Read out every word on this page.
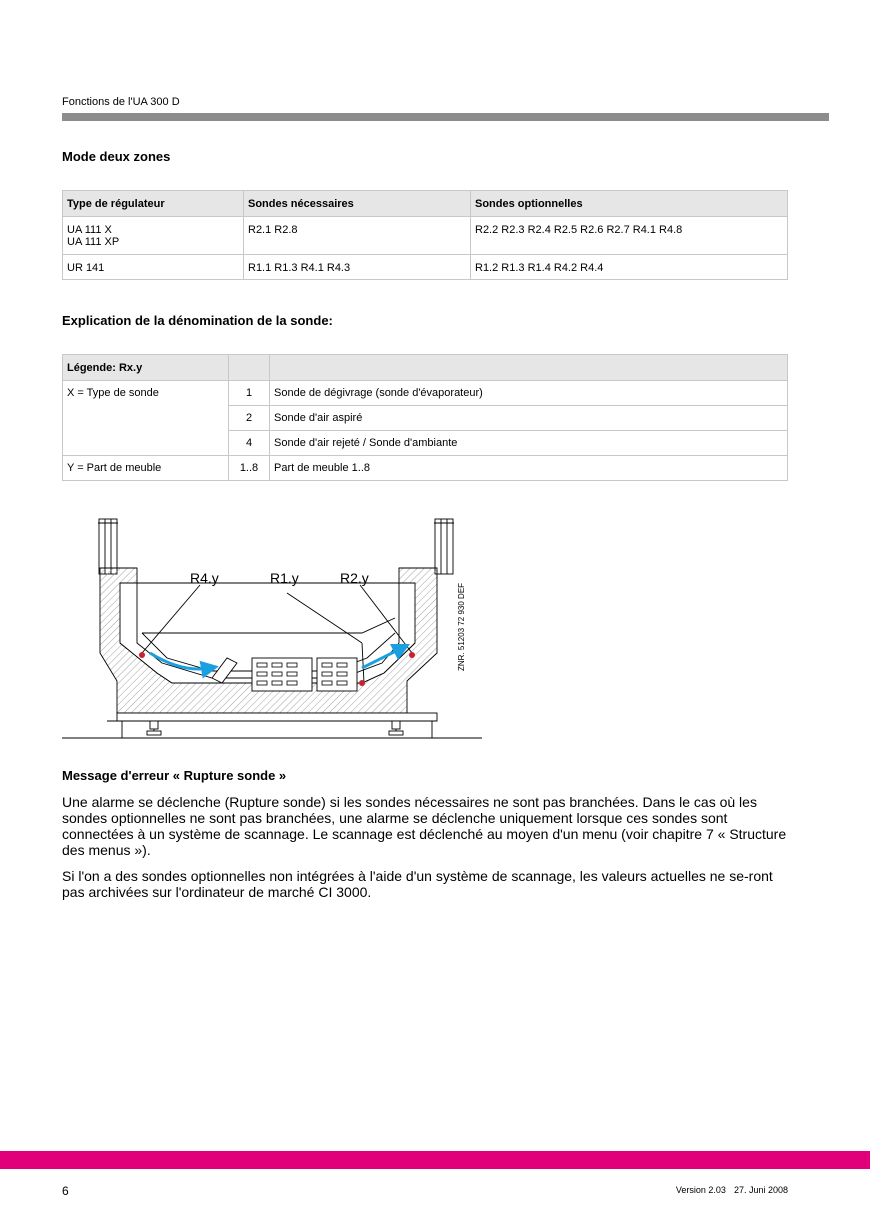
Fonctions de l'UA 300 D
Mode deux zones
Type de régulateur	Sondes nécessaires	Sondes optionnelles

UA 111 X
UA 111 XP	R2.1 R2.8	R2.2 R2.3 R2.4 R2.5 R2.6 R2.7 R4.1 R4.8
UR 141	R1.1 R1.3 R4.1 R4.3	R1.2 R1.3 R1.4 R4.2 R4.4
Explication de la dénomination de la sonde:
Légende: Rx.y		
X = Type de sonde	1	Sonde de dégivrage (sonde d'évaporateur)
	2	Sonde d'air aspiré
	4	Sonde d'air rejeté / Sonde d'ambiante
Y = Part de meuble	1..8	Part de meuble 1..8
R4.y	R1.y	R2.y
ZNR. 51203 72 930 DEF
Message d'erreur « Rupture sonde »

Une alarme se déclenche (Rupture sonde) si les sondes nécessaires ne sont pas branchées. Dans le cas où les sondes optionnelles ne sont pas branchées, une alarme se déclenche uniquement lorsque ces sondes sont connectées à un système de scannage. Le scannage est déclenché au moyen d'un menu (voir chapitre 7 « Structure des menus »).

Si l'on a des sondes optionnelles non intégrées à l'aide d'un système de scannage, les valeurs actuelles ne se-ront pas archivées sur l'ordinateur de marché CI 3000.

6	Version 2.03 27. Juni 2008
